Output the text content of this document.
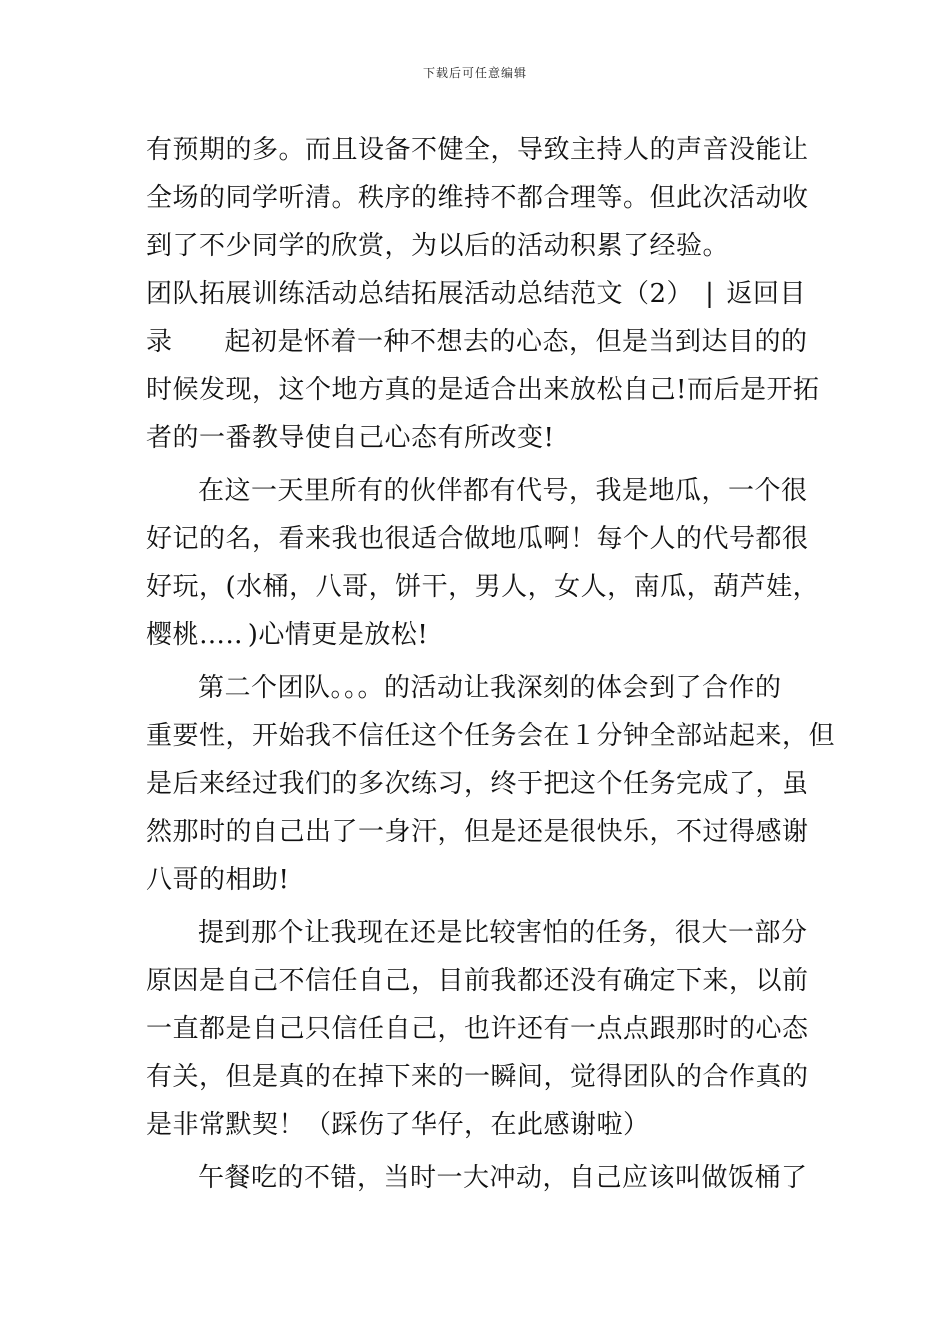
下载后可任意编辑
有预期的多。而且设备不健全，导致主持人的声音没能让
全场的同学听清。秩序的维持不都合理等。但此次活动收
到了不少同学的欣赏，为以后的活动积累了经验。
团队拓展训练活动总结拓展活动总结范文（2） | 返回目
录 起初是怀着一种不想去的心态，但是当到达目的的
时候发现，这个地方真的是适合出来放松自己!而后是开拓
者的一番教导使自己心态有所改变!
在这一天里所有的伙伴都有代号，我是地瓜，一个很
好记的名，看来我也很适合做地瓜啊！每个人的代号都很
好玩，(水桶，八哥，饼干，男人，女人，南瓜，葫芦娃，
樱桃….．)心情更是放松!
第二个团队。。。的活动让我深刻的体会到了合作的
重要性，开始我不信任这个任务会在１分钟全部站起来，但
是后来经过我们的多次练习，终于把这个任务完成了，虽
然那时的自己出了一身汗，但是还是很快乐，不过得感谢
八哥的相助!
提到那个让我现在还是比较害怕的任务，很大一部分
原因是自己不信任自己，目前我都还没有确定下来，以前
一直都是自己只信任自己，也许还有一点点跟那时的心态
有关，但是真的在掉下来的一瞬间，觉得团队的合作真的
是非常默契！（踩伤了华仔，在此感谢啦）
午餐吃的不错，当时一大冲动，自己应该叫做饭桶了
